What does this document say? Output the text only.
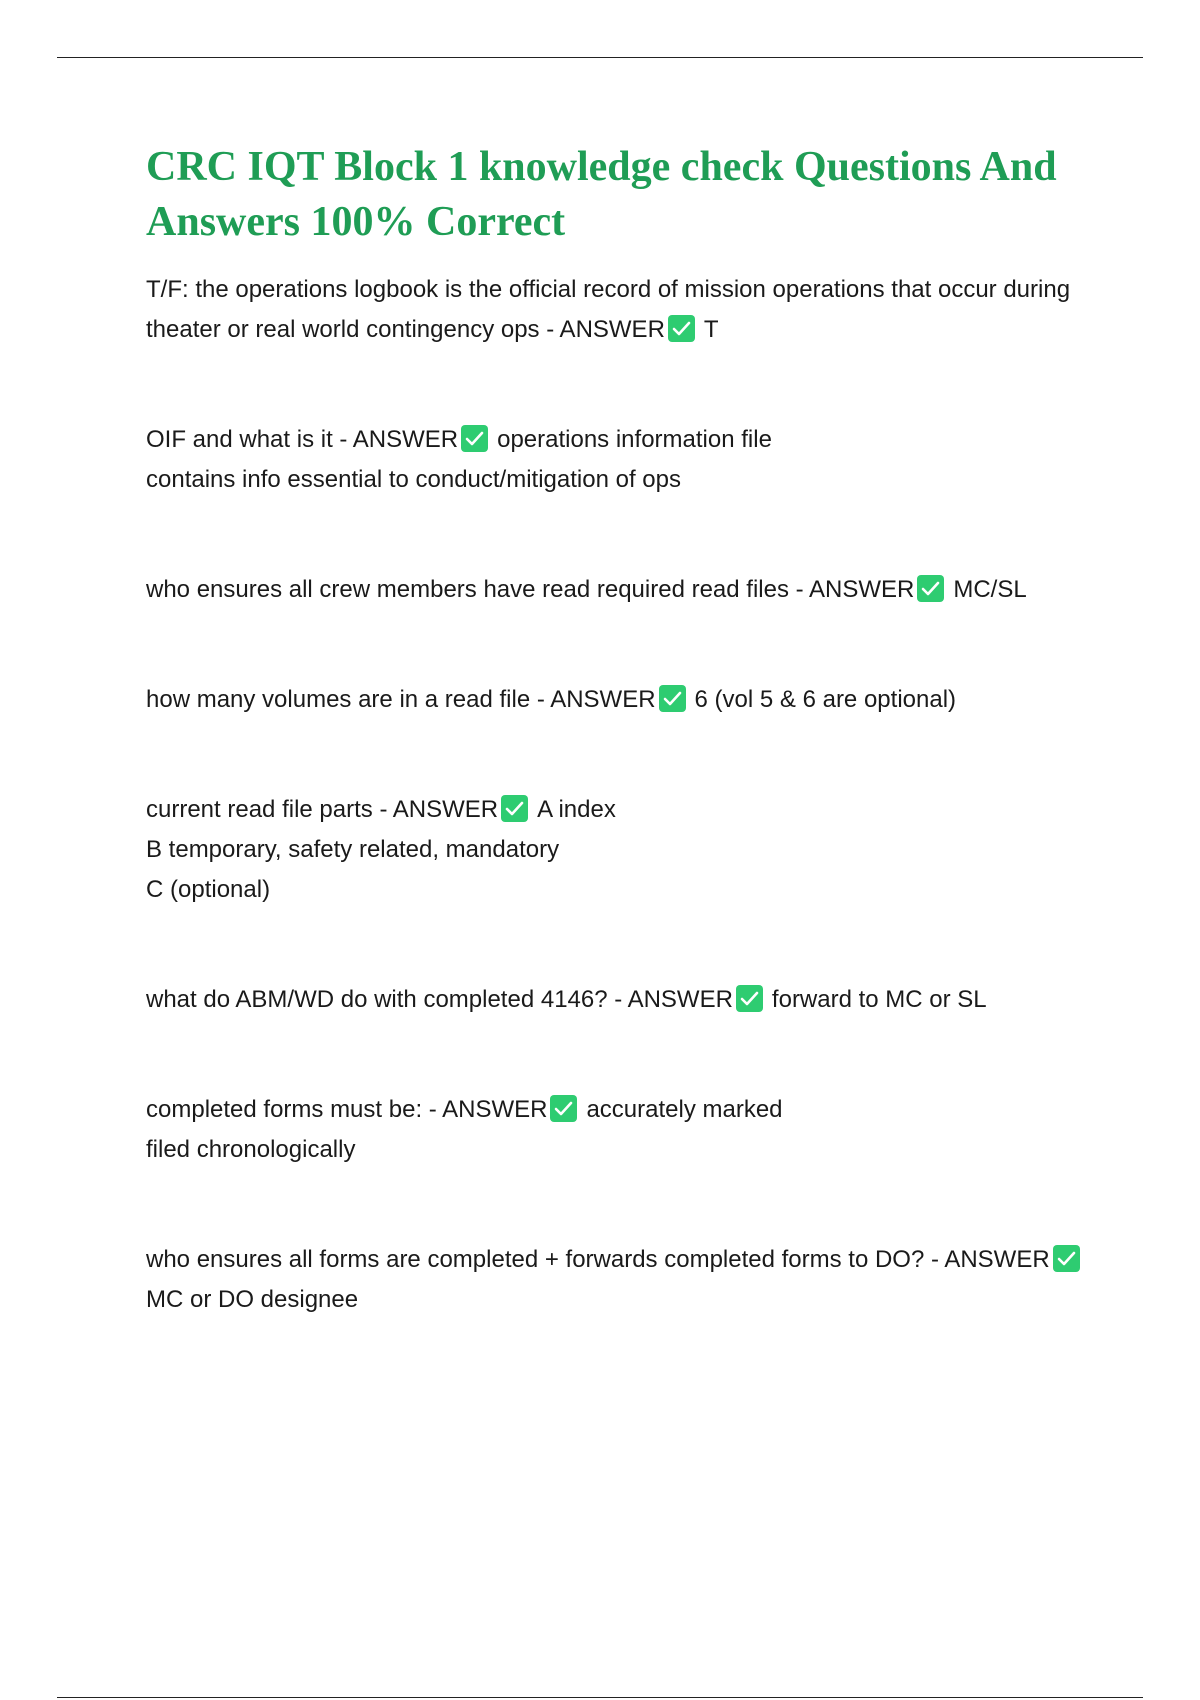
CRC IQT Block 1 knowledge check Questions And Answers 100% Correct

T/F: the operations logbook is the official record of mission operations that occur during theater or real world contingency ops - ANSWER T

OIF and what is it - ANSWER operations information file

contains info essential to conduct/mitigation of ops

who ensures all crew members have read required read files - ANSWER MC/SL

how many volumes are in a read file - ANSWER 6 (vol 5 & 6 are optional)

current read file parts - ANSWER A index

B temporary, safety related, mandatory

C (optional)

what do ABM/WD do with completed 4146? - ANSWER forward to MC or SL

completed forms must be: - ANSWER accurately marked

filed chronologically

who ensures all forms are completed + forwards completed forms to DO? - ANSWER
MC or DO designee
